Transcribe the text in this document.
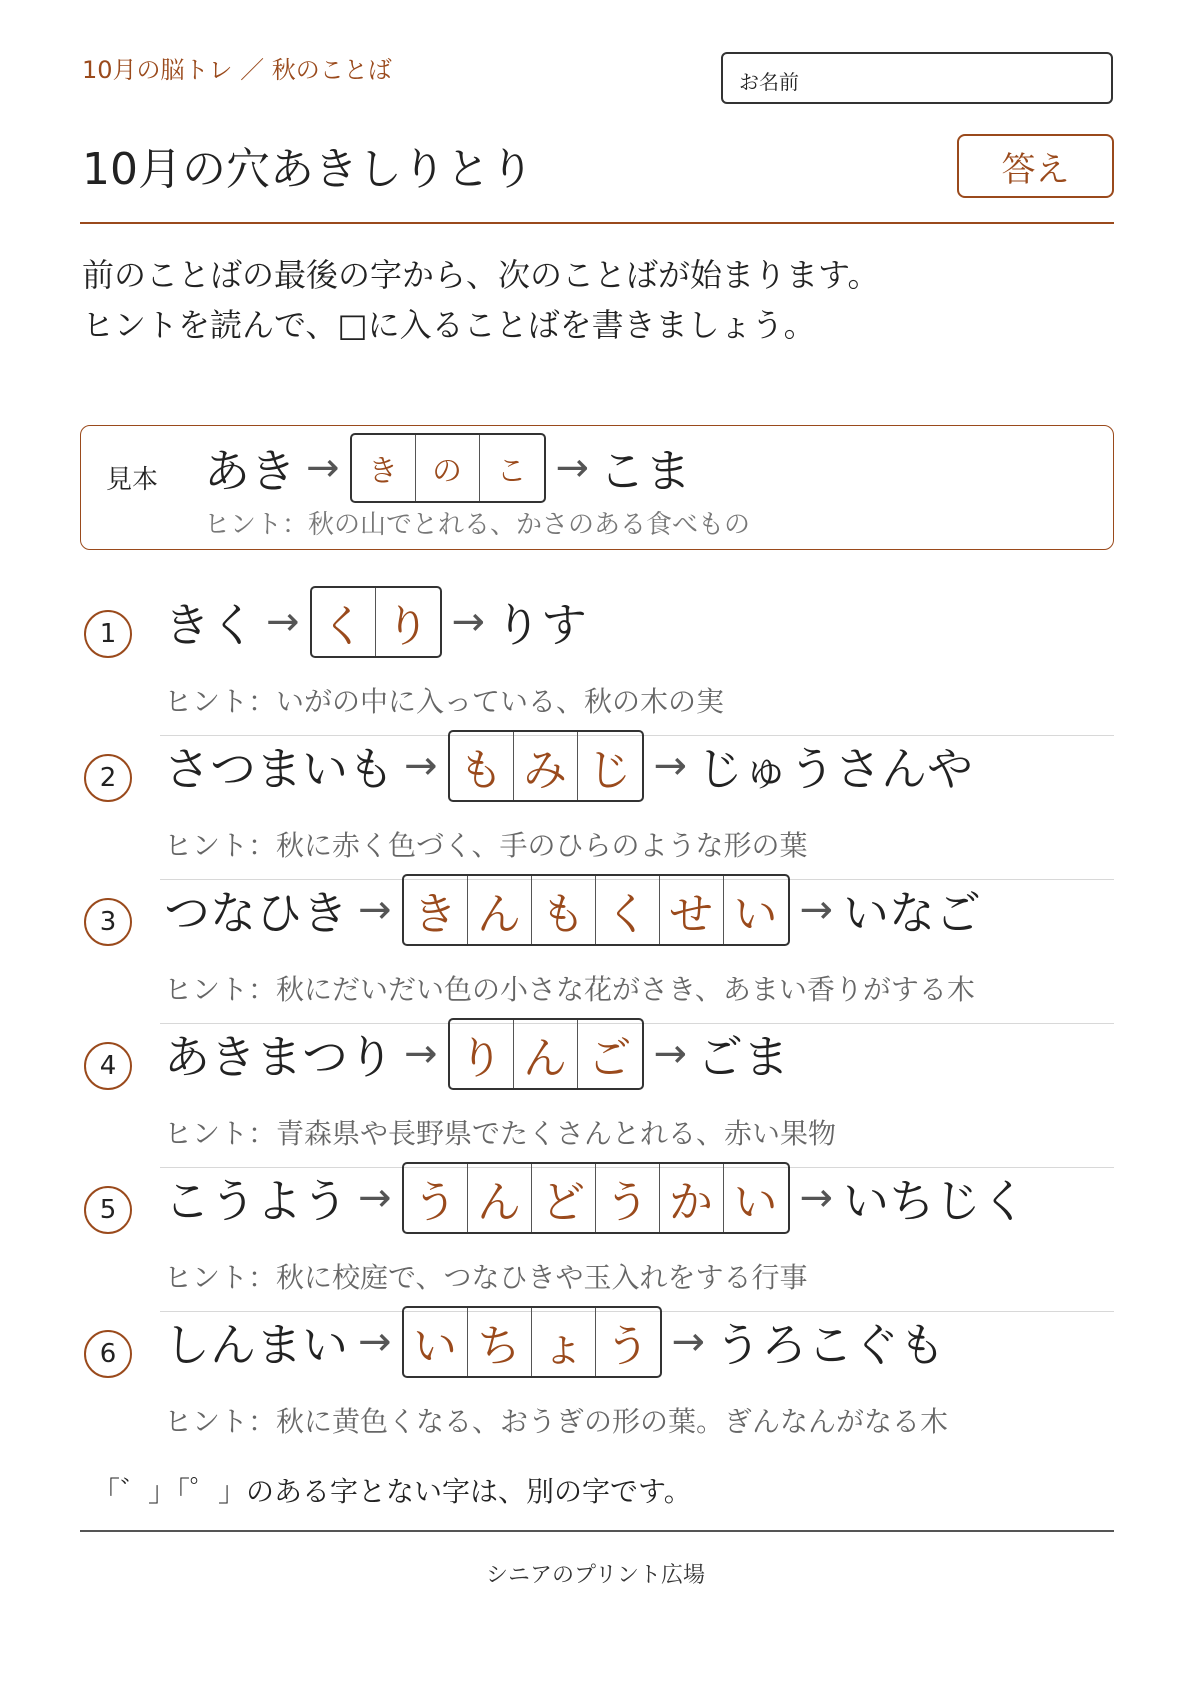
10月の脳トレ ／ 秋のことば	お名前
10月の穴あきしりとり	答え
前のことばの最後の字から、次のことばが始まります。
ヒントを読んで、□に入ることばを書きましょう。
見本 あき → き	の	こ → こま
ヒント：秋の山でとれる、かさのある食べもの
1	きく → く り → りす
ヒント：いがの中に入っている、秋の木の実
2	さつまいも → も み じ → じゅうさんや
ヒント：秋に赤く色づく、手のひらのような形の葉
3	つなひき → き ん も く せ い → いなご
ヒント：秋にだいだい色の小さな花がさき、あまい香りがする木
4	あきまつり → り ん ご → ごま
ヒント：青森県や長野県でたくさんとれる、赤い果物
5	こうよう → う ん ど う か い → いちじく
ヒント：秋に校庭で、つなひきや玉入れをする行事
6	しんまい → い ち ょ う → うろこぐも
ヒント：秋に黄色くなる、おうぎの形の葉。ぎんなんがなる木
「゛」「゜」のある字とない字は、別の字です。
シニアのプリント広場
